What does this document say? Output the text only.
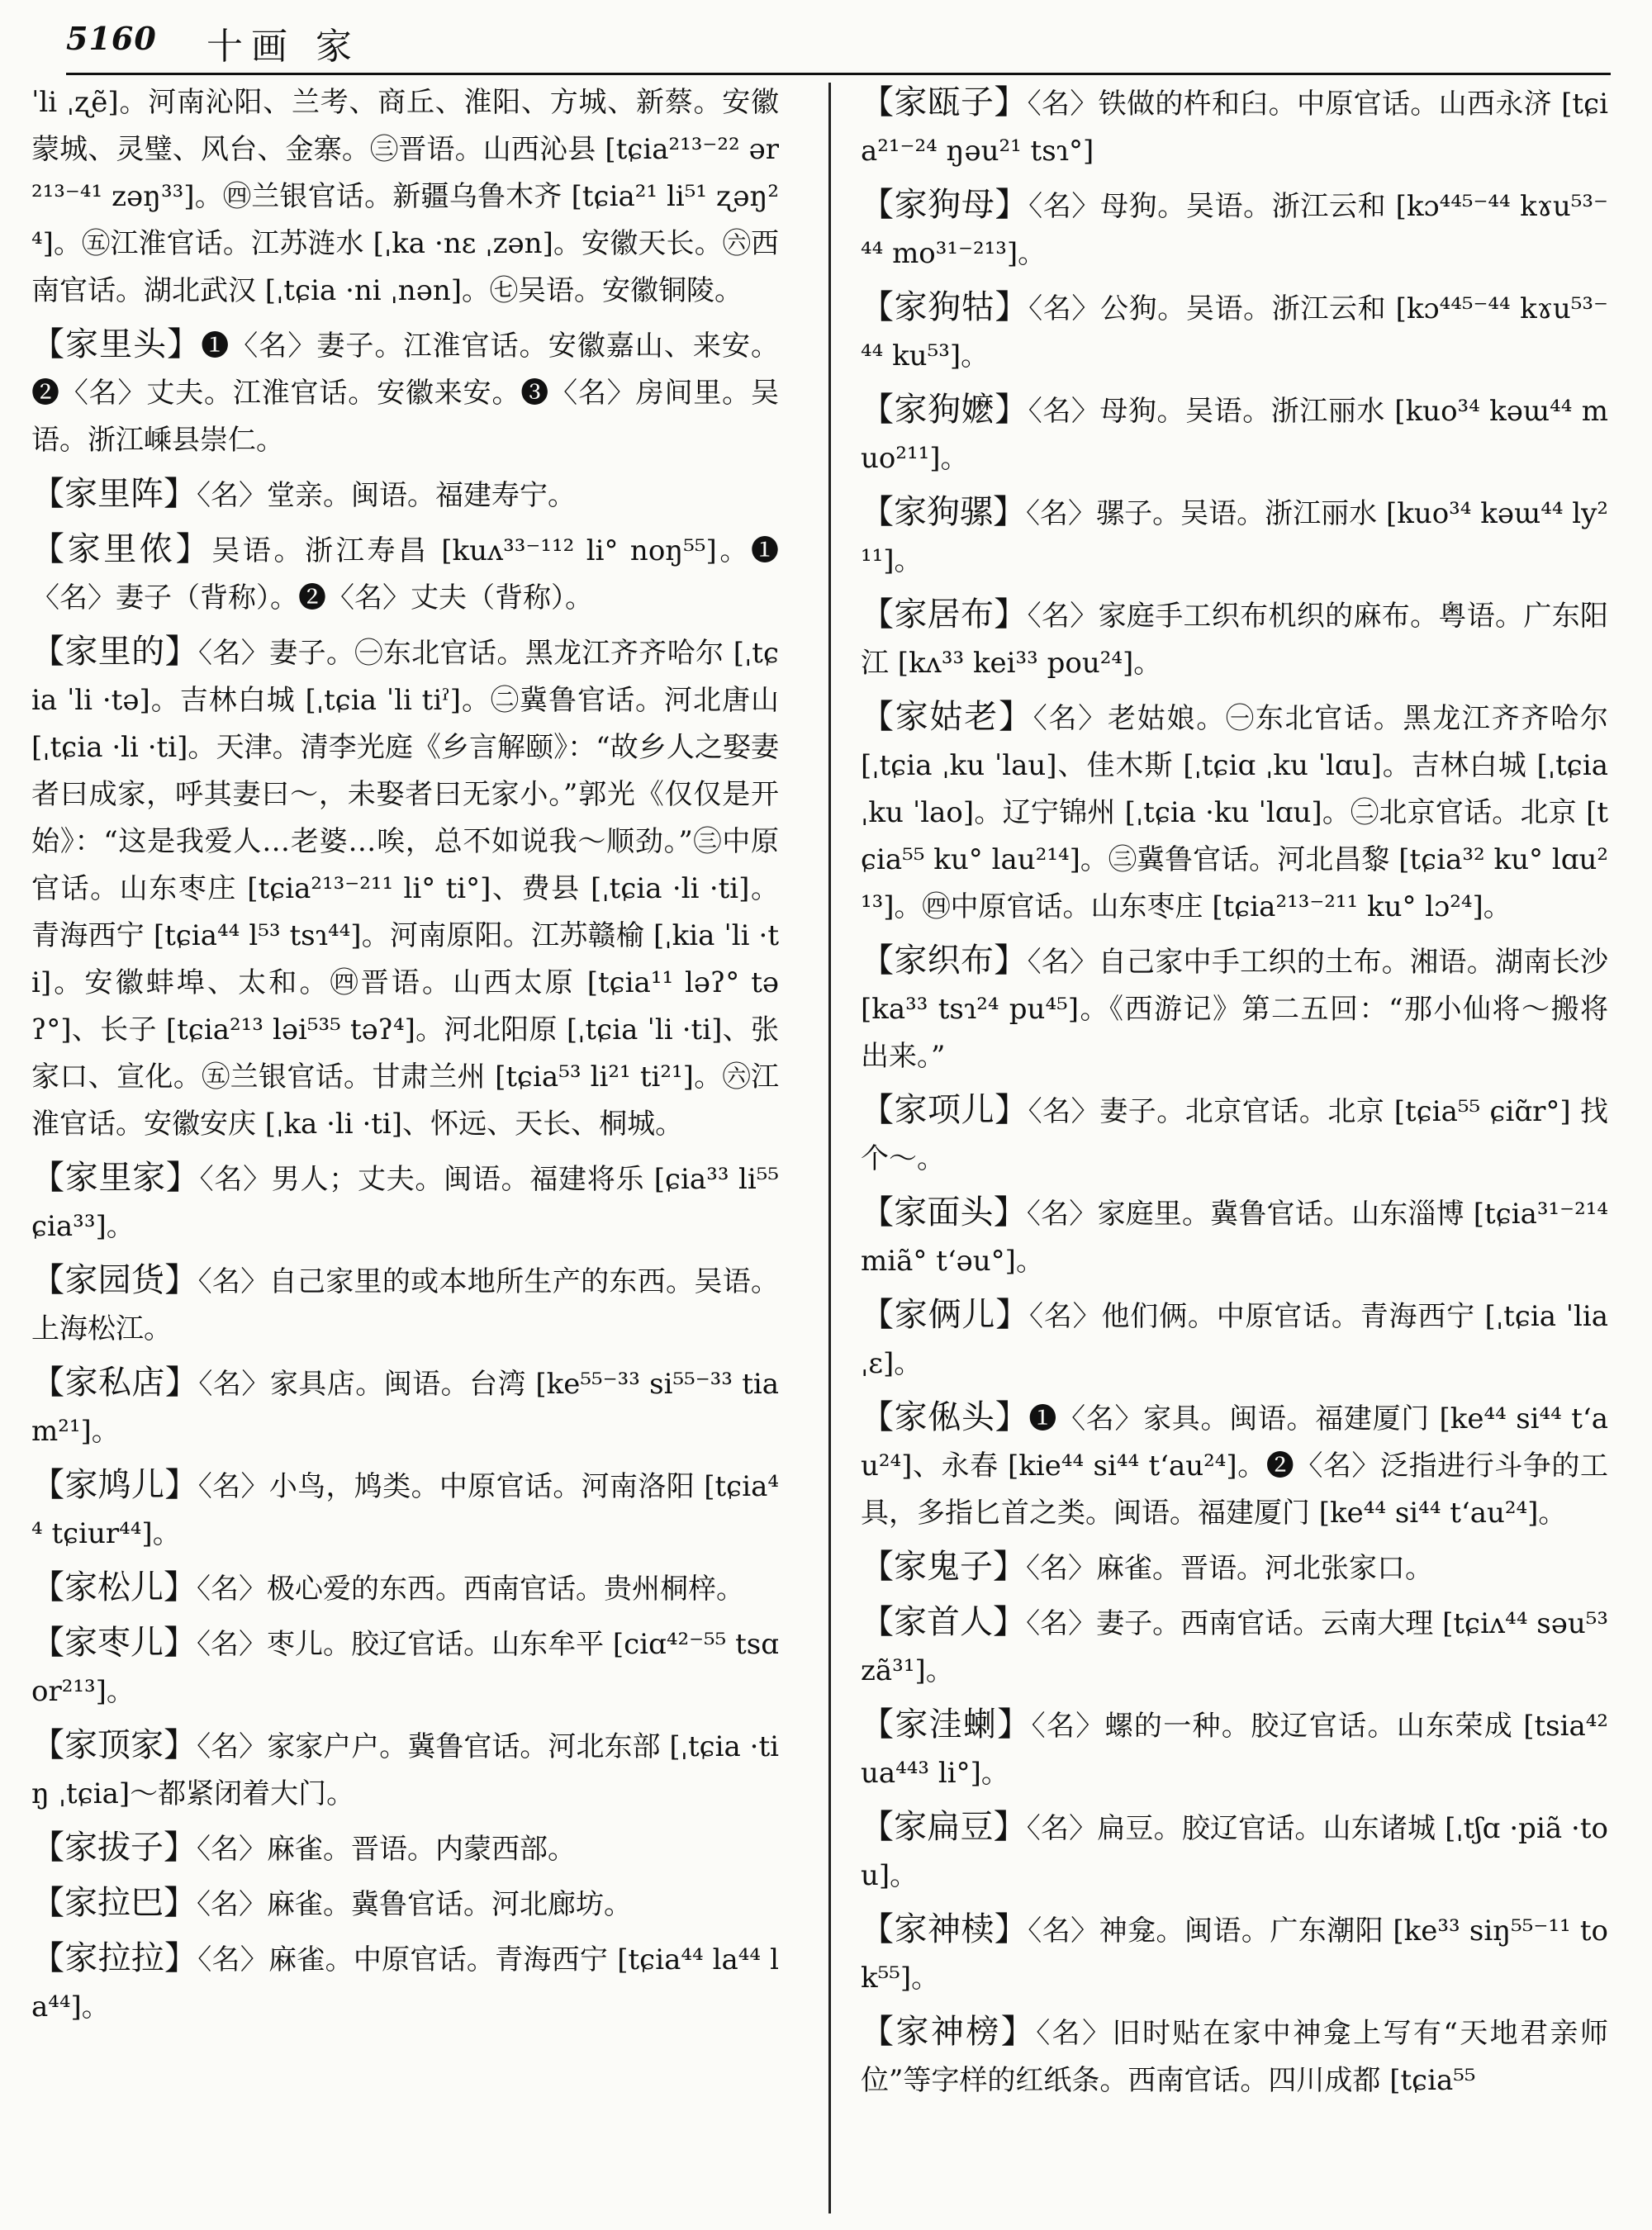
5160 十画 家
ˈli ˌʐẽ]。河南沁阳、兰考、商丘、淮阳、方城、新蔡。安徽蒙城、灵璧、风台、金寨。㊂晋语。山西沁县 [tɕia²¹³⁻²² ər²¹³⁻⁴¹ zəŋ³³]。㊃兰银官话。新疆乌鲁木齐 [tɕia²¹ li⁵¹ ʐəŋ²⁴]。㊄江淮官话。江苏涟水 [ˌka ·nɛ ˌzən]。安徽天长。㊅西南官话。湖北武汉 [ˌtɕia ·ni ˌnən]。㊆吴语。安徽铜陵。
【家里头】❶〈名〉妻子。江淮官话。安徽嘉山、来安。❷〈名〉丈夫。江淮官话。安徽来安。❸〈名〉房间里。吴语。浙江嵊县崇仁。
【家里阵】〈名〉堂亲。闽语。福建寿宁。
【家里侬】吴语。浙江寿昌 [kuʌ³³⁻¹¹² li° noŋ⁵⁵]。❶〈名〉妻子（背称）。❷〈名〉丈夫（背称）。
【家里的】〈名〉妻子。㊀东北官话。黑龙江齐齐哈尔 [ˌtɕia ˈli ·tə]。吉林白城 [ˌtɕia ˈli tiˀ]。㊁冀鲁官话。河北唐山 [ˌtɕia ·li ·ti]。天津。清李光庭《乡言解颐》：“故乡人之娶妻者曰成家，呼其妻曰～，未娶者曰无家小。”郭光《仅仅是开始》：“这是我爱人…老婆…唉，总不如说我～顺劲。”㊂中原官话。山东枣庄 [tɕia²¹³⁻²¹¹ li° ti°]、费县 [ˌtɕia ·li ·ti]。青海西宁 [tɕia⁴⁴ l⁵³ tsɿ⁴⁴]。河南原阳。江苏赣榆 [ˌkia ˈli ·ti]。安徽蚌埠、太和。㊃晋语。山西太原 [tɕia¹¹ ləʔ° təʔ°]、长子 [tɕia²¹³ ləi⁵³⁵ təʔ⁴]。河北阳原 [ˌtɕia ˈli ·ti]、张家口、宣化。㊄兰银官话。甘肃兰州 [tɕia⁵³ li²¹ ti²¹]。㊅江淮官话。安徽安庆 [ˌka ·li ·ti]、怀远、天长、桐城。
【家里家】〈名〉男人；丈夫。闽语。福建将乐 [ɕia³³ li⁵⁵ ɕia³³]。
【家园货】〈名〉自己家里的或本地所生产的东西。吴语。上海松江。
【家私店】〈名〉家具店。闽语。台湾 [ke⁵⁵⁻³³ si⁵⁵⁻³³ tiam²¹]。
【家鸠儿】〈名〉小鸟，鸠类。中原官话。河南洛阳 [tɕia⁴⁴ tɕiur⁴⁴]。
【家松儿】〈名〉极心爱的东西。西南官话。贵州桐梓。
【家枣儿】〈名〉枣儿。胶辽官话。山东牟平 [ciɑ⁴²⁻⁵⁵ tsɑor²¹³]。
【家顶家】〈名〉家家户户。冀鲁官话。河北东部 [ˌtɕia ·tiŋ ˌtɕia]～都紧闭着大门。
【家拔子】〈名〉麻雀。晋语。内蒙西部。
【家拉巴】〈名〉麻雀。冀鲁官话。河北廊坊。
【家拉拉】〈名〉麻雀。中原官话。青海西宁 [tɕia⁴⁴ la⁴⁴ la⁴⁴]。
【家瓯子】〈名〉铁做的杵和臼。中原官话。山西永济 [tɕia²¹⁻²⁴ ŋəu²¹ tsɿ°]
【家狗母】〈名〉母狗。吴语。浙江云和 [kɔ⁴⁴⁵⁻⁴⁴ kɤu⁵³⁻⁴⁴ mo³¹⁻²¹³]。
【家狗牯】〈名〉公狗。吴语。浙江云和 [kɔ⁴⁴⁵⁻⁴⁴ kɤu⁵³⁻⁴⁴ ku⁵³]。
【家狗嬷】〈名〉母狗。吴语。浙江丽水 [kuo³⁴ kəɯ⁴⁴ muo²¹¹]。
【家狗骡】〈名〉骡子。吴语。浙江丽水 [kuo³⁴ kəɯ⁴⁴ ly²¹¹]。
【家居布】〈名〉家庭手工织布机织的麻布。粤语。广东阳江 [kʌ³³ kei³³ pou²⁴]。
【家姑老】〈名〉老姑娘。㊀东北官话。黑龙江齐齐哈尔 [ˌtɕia ˌku ˈlau]、佳木斯 [ˌtɕiɑ ˌku ˈlɑu]。吉林白城 [ˌtɕia ˌku ˈlao]。辽宁锦州 [ˌtɕia ·ku ˈlɑu]。㊁北京官话。北京 [tɕia⁵⁵ ku° lau²¹⁴]。㊂冀鲁官话。河北昌黎 [tɕia³² ku° lɑu²¹³]。㊃中原官话。山东枣庄 [tɕia²¹³⁻²¹¹ ku° lɔ²⁴]。
【家织布】〈名〉自己家中手工织的土布。湘语。湖南长沙 [ka³³ tsɿ²⁴ pu⁴⁵]。《西游记》第二五回：“那小仙将～搬将出来。”
【家项儿】〈名〉妻子。北京官话。北京 [tɕia⁵⁵ ɕiɑ̃r°] 找个～。
【家面头】〈名〉家庭里。冀鲁官话。山东淄博 [tɕia³¹⁻²¹⁴ miã° t‘əu°]。
【家俩儿】〈名〉他们俩。中原官话。青海西宁 [ˌtɕia ˈlia ˌɛ]。
【家俬头】❶〈名〉家具。闽语。福建厦门 [ke⁴⁴ si⁴⁴ t‘au²⁴]、永春 [kie⁴⁴ si⁴⁴ t‘au²⁴]。❷〈名〉泛指进行斗争的工具，多指匕首之类。闽语。福建厦门 [ke⁴⁴ si⁴⁴ t‘au²⁴]。
【家鬼子】〈名〉麻雀。晋语。河北张家口。
【家首人】〈名〉妻子。西南官话。云南大理 [tɕiʌ⁴⁴ səu⁵³ zã³¹]。
【家洼蝲】〈名〉螺的一种。胶辽官话。山东荣成 [tsia⁴² ua⁴⁴³ li°]。
【家扁豆】〈名〉扁豆。胶辽官话。山东诸城 [ˌtʃɑ ·piã ·tou]。
【家神椟】〈名〉神龛。闽语。广东潮阳 [ke³³ siŋ⁵⁵⁻¹¹ tok⁵⁵]。
【家神榜】〈名〉旧时贴在家中神龛上写有“天地君亲师位”等字样的红纸条。西南官话。四川成都 [tɕia⁵⁵
